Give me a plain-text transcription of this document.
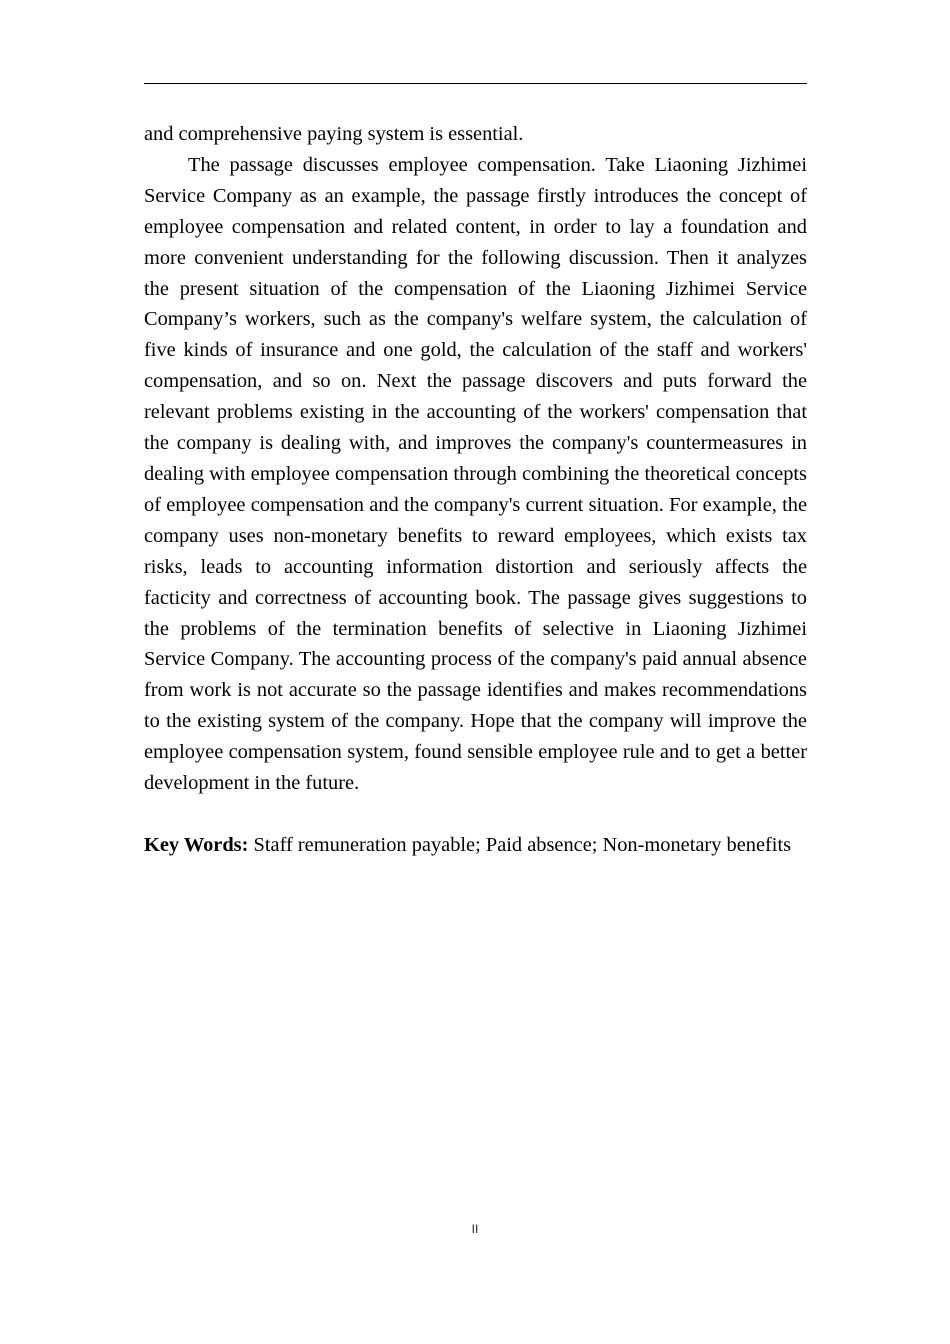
and comprehensive paying system is essential.

The passage discusses employee compensation. Take Liaoning Jizhimei Service Company as an example, the passage firstly introduces the concept of employee compensation and related content, in order to lay a foundation and more convenient understanding for the following discussion. Then it analyzes the present situation of the compensation of the Liaoning Jizhimei Service Company’s workers, such as the company's welfare system, the calculation of five kinds of insurance and one gold, the calculation of the staff and workers' compensation, and so on. Next the passage discovers and puts forward the relevant problems existing in the accounting of the workers' compensation that the company is dealing with, and improves the company's countermeasures in dealing with employee compensation through combining the theoretical concepts of employee compensation and the company's current situation. For example, the company uses non-monetary benefits to reward employees, which exists tax risks, leads to accounting information distortion and seriously affects the facticity and correctness of accounting book. The passage gives suggestions to the problems of the termination benefits of selective in Liaoning Jizhimei Service Company. The accounting process of the company's paid annual absence from work is not accurate so the passage identifies and makes recommendations to the existing system of the company. Hope that the company will improve the employee compensation system, found sensible employee rule and to get a better development in the future.

Key Words: Staff remuneration payable; Paid absence; Non-monetary benefits

II
